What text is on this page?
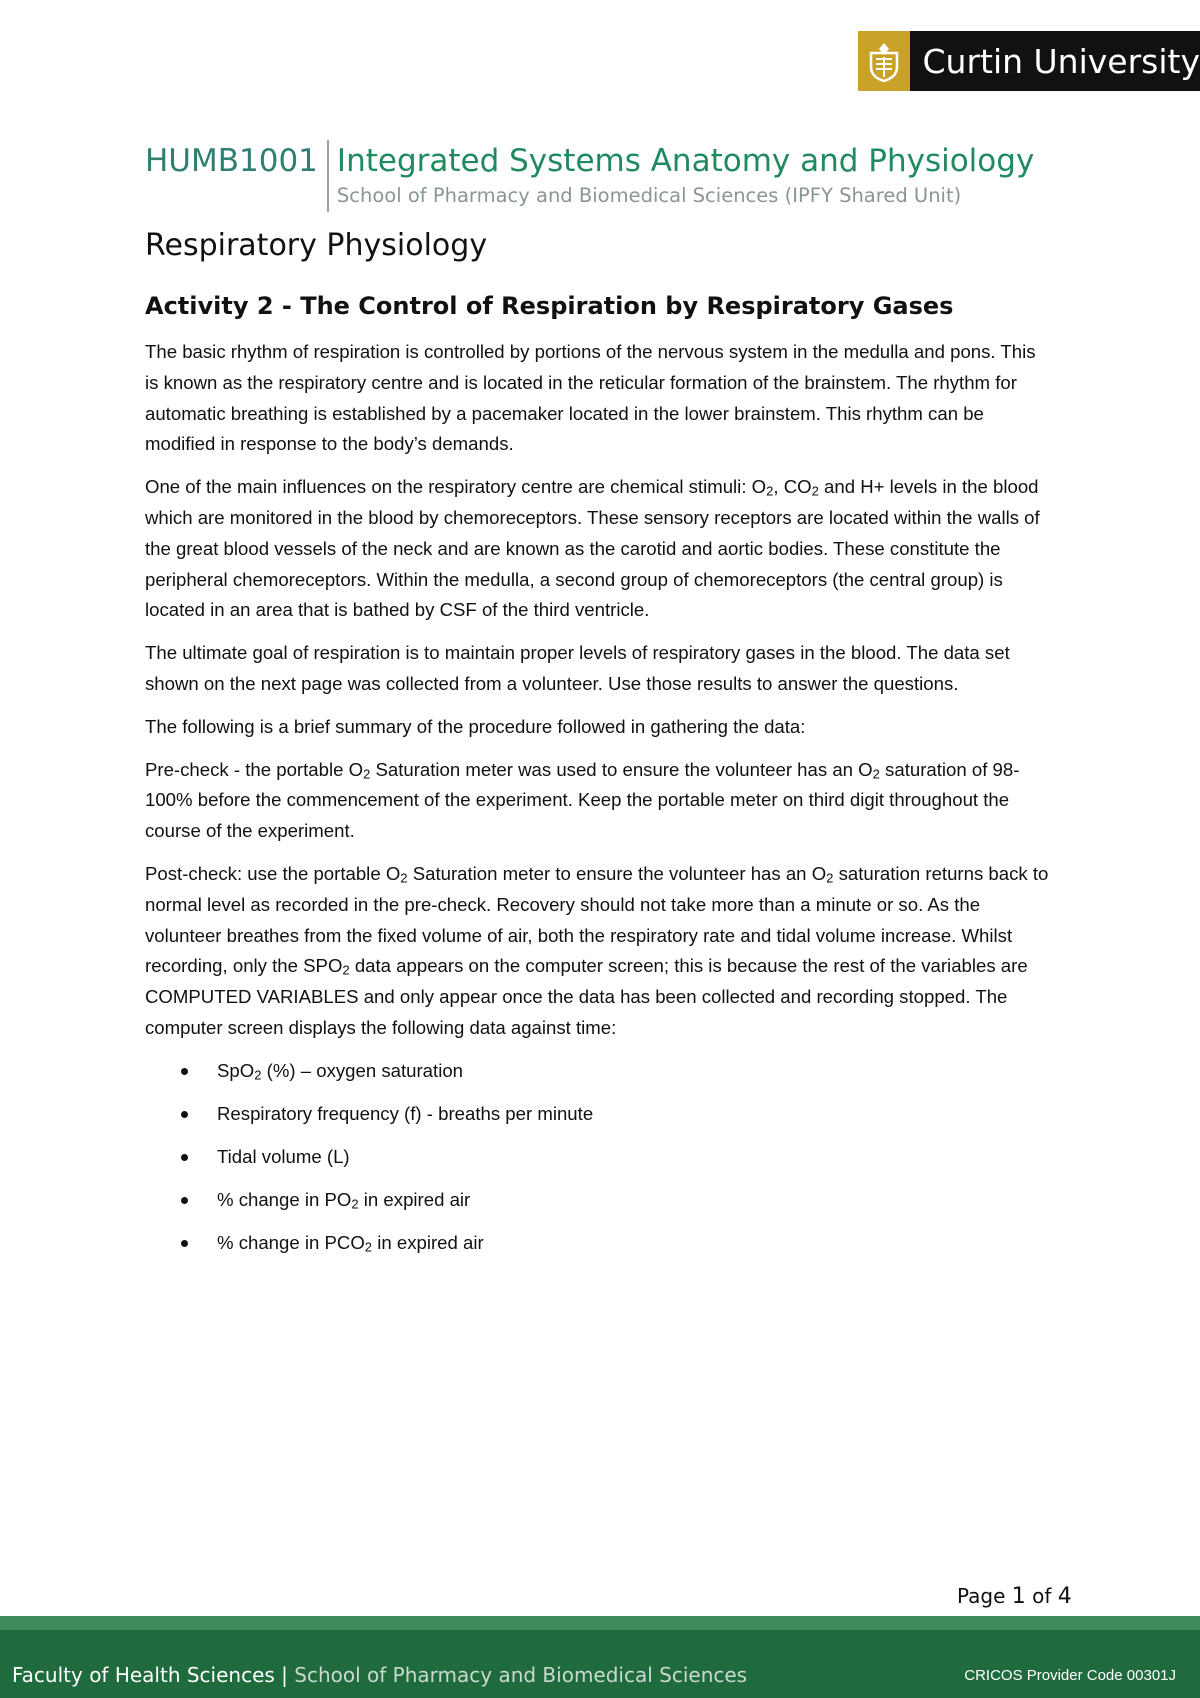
Curtin University
HUMB1001 Integrated Systems Anatomy and Physiology
School of Pharmacy and Biomedical Sciences (IPFY Shared Unit)
Respiratory Physiology
Activity 2 - The Control of Respiration by Respiratory Gases

The basic rhythm of respiration is controlled by portions of the nervous system in the medulla and pons. This is known as the respiratory centre and is located in the reticular formation of the brainstem. The rhythm for automatic breathing is established by a pacemaker located in the lower brainstem. This rhythm can be modified in response to the body’s demands.

One of the main influences on the respiratory centre are chemical stimuli: $O_2$, $CO_2$ and H+ levels in the blood which are monitored in the blood by chemoreceptors. These sensory receptors are located within the walls of the great blood vessels of the neck and are known as the carotid and aortic bodies. These constitute the peripheral chemoreceptors. Within the medulla, a second group of chemoreceptors (the central group) is located in an area that is bathed by CSF of the third ventricle.

The ultimate goal of respiration is to maintain proper levels of respiratory gases in the blood. The data set shown on the next page was collected from a volunteer. Use those results to answer the questions.

The following is a brief summary of the procedure followed in gathering the data:

Pre-check - the portable $O_2$ Saturation meter was used to ensure the volunteer has an $O_2$ saturation of 98-100% before the commencement of the experiment. Keep the portable meter on third digit throughout the course of the experiment.

Post-check: use the portable $O_2$ Saturation meter to ensure the volunteer has an $O_2$ saturation returns back to normal level as recorded in the pre-check. Recovery should not take more than a minute or so. As the volunteer breathes from the fixed volume of air, both the respiratory rate and tidal volume increase. Whilst recording, only the $SPO_2$ data appears on the computer screen; this is because the rest of the variables are COMPUTED VARIABLES and only appear once the data has been collected and recording stopped. The computer screen displays the following data against time:

SpO$_2$ (%) – oxygen saturation
Respiratory frequency (f) - breaths per minute
Tidal volume (L)
% change in $PO_2$ in expired air
% change in $PCO_2$ in expired air
Page 1 of 4
Faculty of Health Sciences | School of Pharmacy and Biomedical Sciences	CRICOS Provider Code 00301J
